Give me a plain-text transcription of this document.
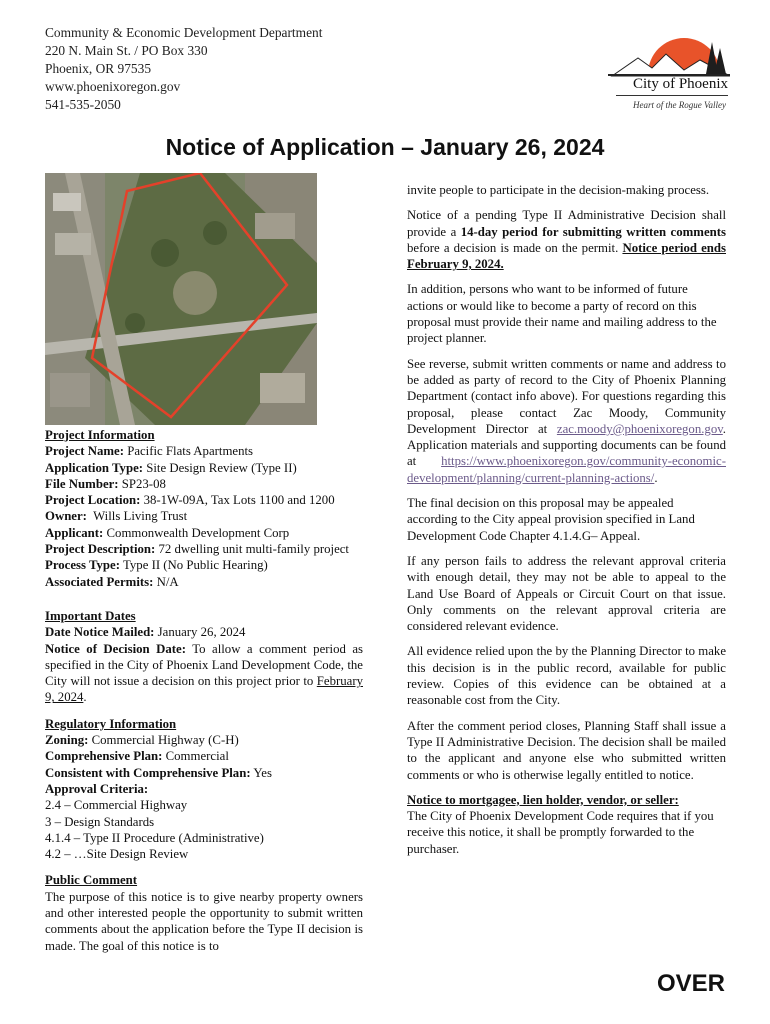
Community & Economic Development Department
220 N. Main St. / PO Box 330
Phoenix, OR 97535
www.phoenixoregon.gov
541-535-2050
City of Phoenix
Heart of the Rogue Valley
Notice of Application – January 26, 2024

Project Information

Project Name: Pacific Flats Apartments

Application Type: Site Design Review (Type II)

File Number: SP23-08

Project Location: 38-1W-09A, Tax Lots 1100 and 1200

Owner: Wills Living Trust

Applicant: Commonwealth Development Corp

Project Description: 72 dwelling unit multi-family project

Process Type: Type II (No Public Hearing)

Associated Permits: N/A

Important Dates

Date Notice Mailed: January 26, 2024

Notice of Decision Date: To allow a comment period as specified in the City of Phoenix Land Development Code, the City will not issue a decision on this project prior to February 9, 2024.

Regulatory Information

Zoning: Commercial Highway (C-H)

Comprehensive Plan: Commercial

Consistent with Comprehensive Plan: Yes

Approval Criteria:

2.4 – Commercial Highway

3 – Design Standards

4.1.4 – Type II Procedure (Administrative)

4.2 – …Site Design Review

Public Comment

The purpose of this notice is to give nearby property owners and other interested people the opportunity to submit written comments about the application before the Type II decision is made. The goal of this notice is to

invite people to participate in the decision-making process.

Notice of a pending Type II Administrative Decision shall provide a 14-day period for submitting written comments before a decision is made on the permit. Notice period ends February 9, 2024.

In addition, persons who want to be informed of future actions or would like to become a party of record on this proposal must provide their name and mailing address to the project planner.

See reverse, submit written comments or name and address to be added as party of record to the City of Phoenix Planning Department (contact info above). For questions regarding this proposal, please contact Zac Moody, Community Development Director at zac.moody@phoenixoregon.gov. Application materials and supporting documents can be found at https://www.phoenixoregon.gov/community-economic-development/planning/current-planning-actions/.

The final decision on this proposal may be appealed according to the City appeal provision specified in Land Development Code Chapter 4.1.4.G– Appeal.

If any person fails to address the relevant approval criteria with enough detail, they may not be able to appeal to the Land Use Board of Appeals or Circuit Court on that issue. Only comments on the relevant approval criteria are considered relevant evidence.

All evidence relied upon the by the Planning Director to make this decision is in the public record, available for public review. Copies of this evidence can be obtained at a reasonable cost from the City.

After the comment period closes, Planning Staff shall issue a Type II Administrative Decision. The decision shall be mailed to the applicant and anyone else who submitted written comments or who is otherwise legally entitled to notice.

Notice to mortgagee, lien holder, vendor, or seller:

The City of Phoenix Development Code requires that if you receive this notice, it shall be promptly forwarded to the purchaser.

OVER
